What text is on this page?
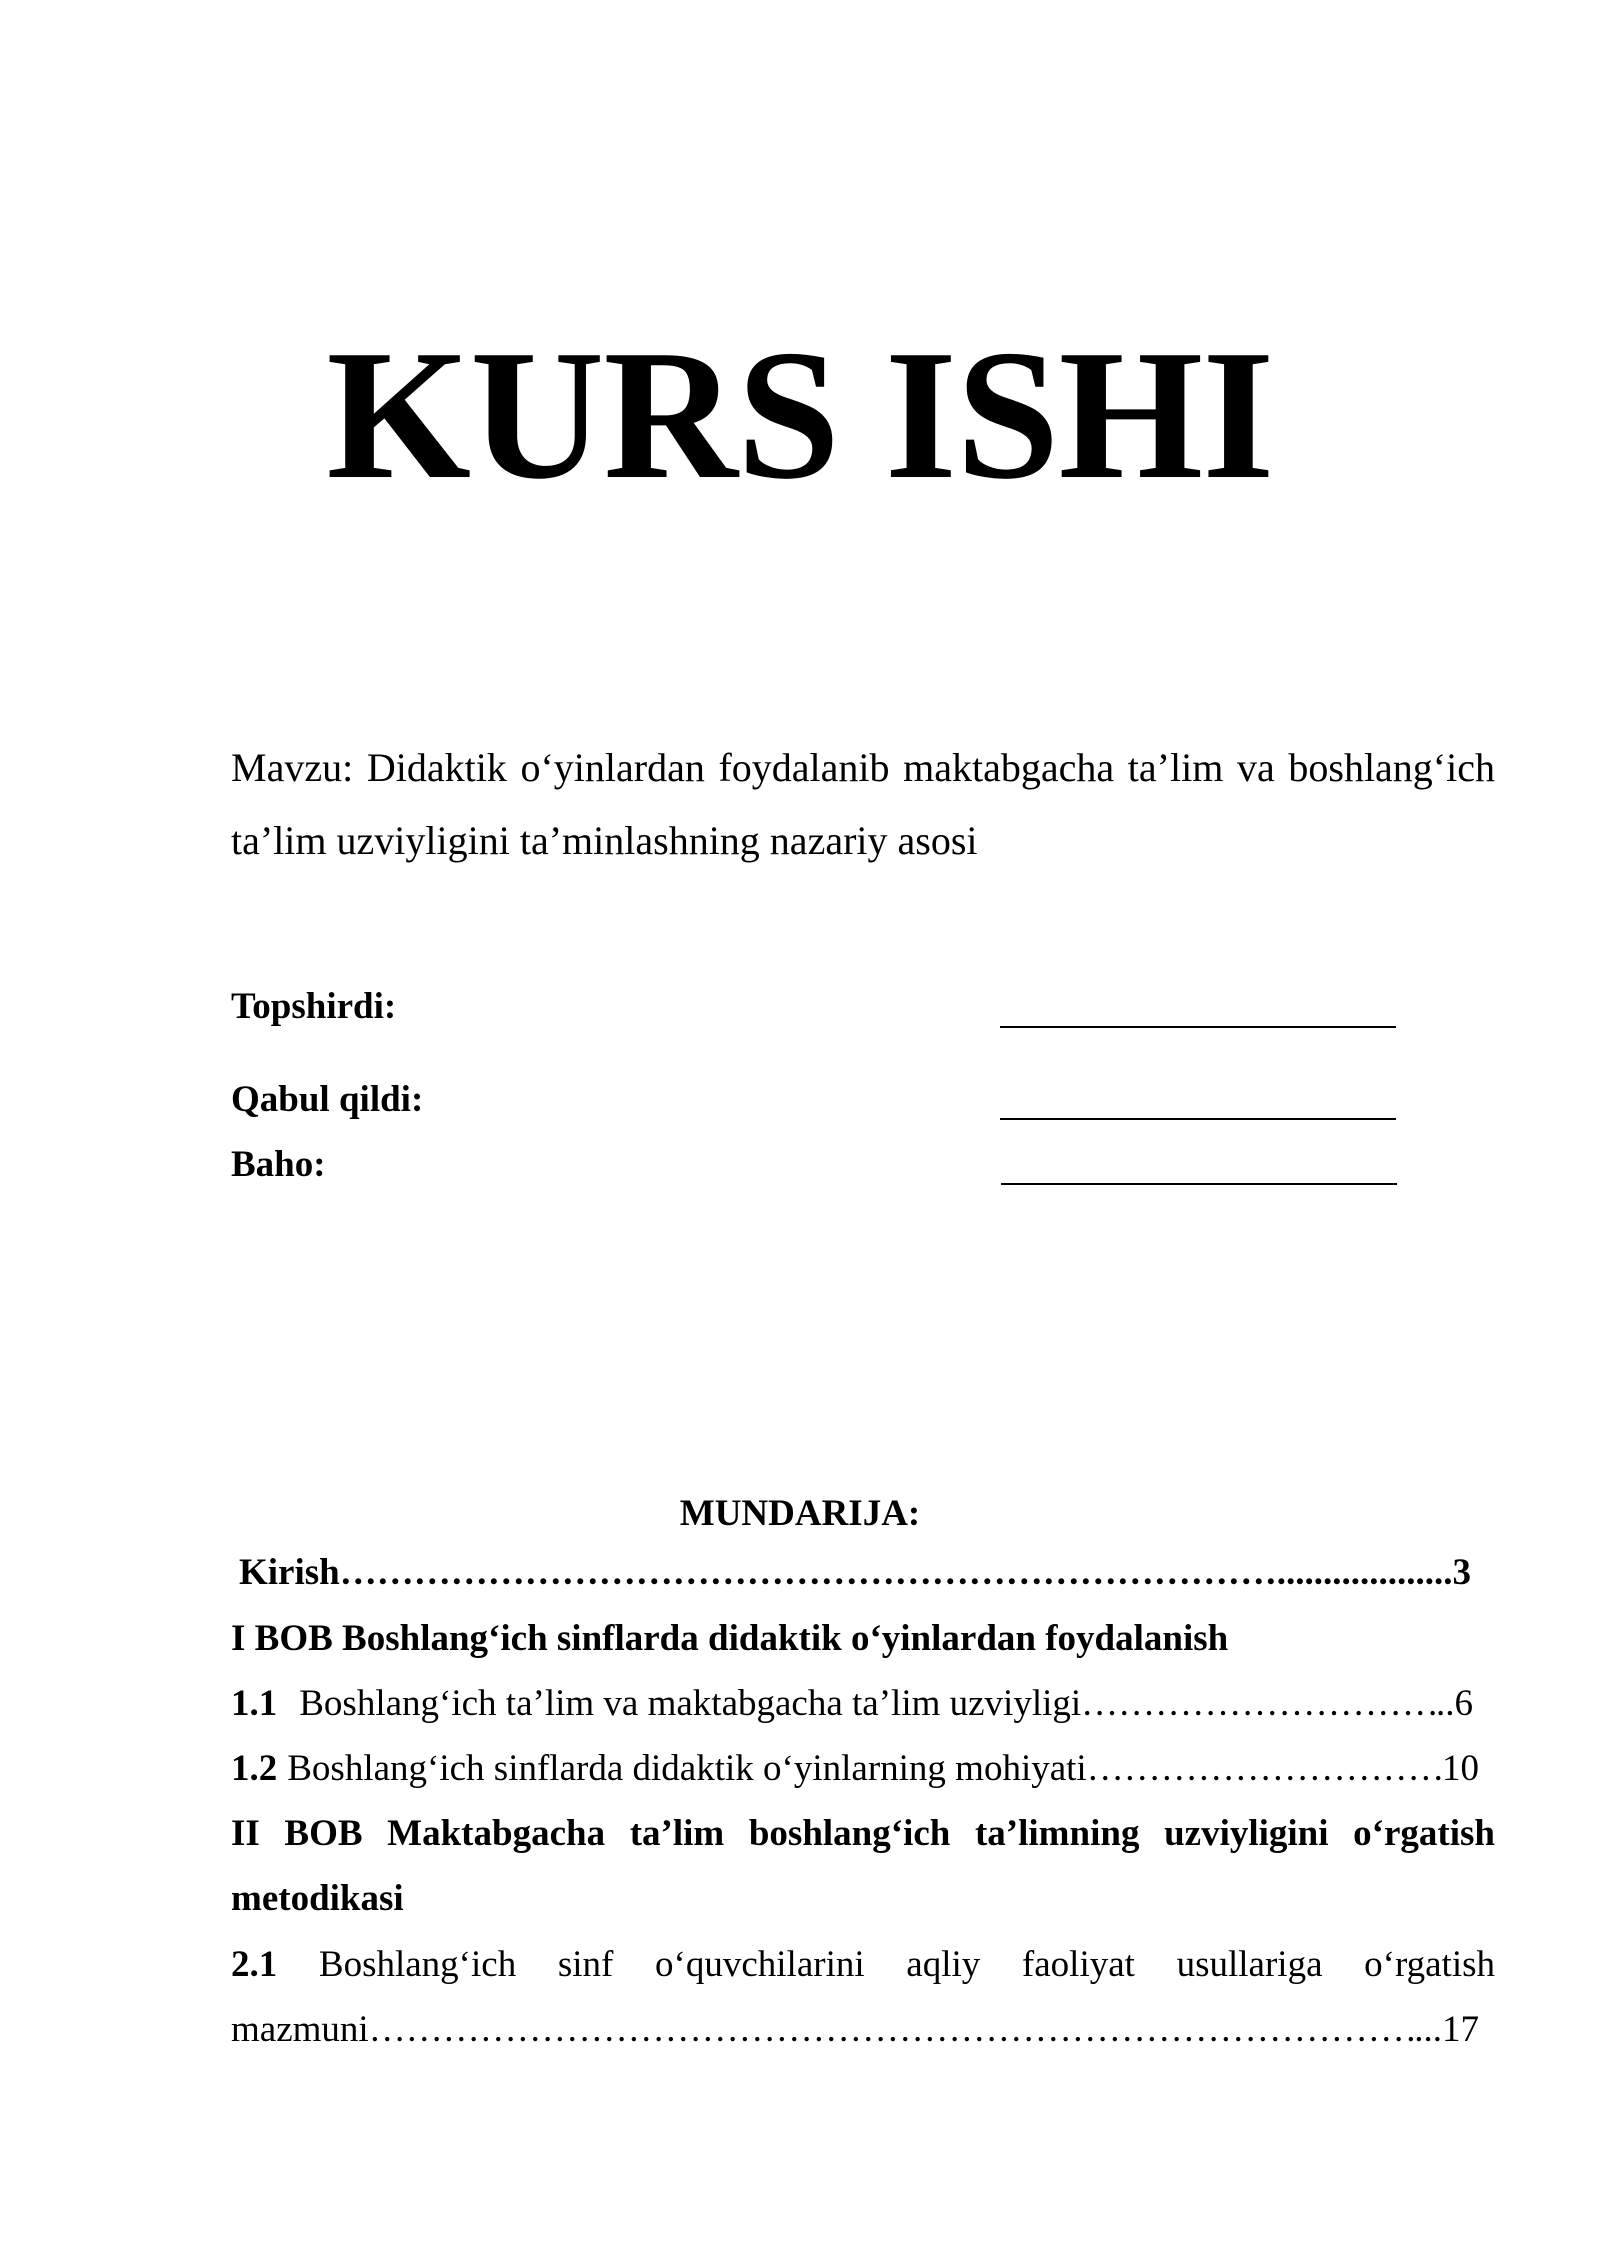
KURS ISHI
Mavzu: Didaktik o‘yinlardan foydalanib maktabgacha ta’lim va boshlang‘ich ta’lim uzviyligini ta’minlashning nazariy asosi
Topshirdi:
Qabul qildi:
Baho:
MUNDARIJA:
Kirish ……………………………………………………………………………………………………………………………………………………………………………	................... 3
I BOB Boshlang‘ich sinflarda didaktik o‘yinlardan foydalanish
1.1 Boshlang‘ich ta’lim va maktabgacha ta’lim uzviyligi ……………………………………………………………………………………………………………………………………………………………………………	.. 6
1.2 Boshlang‘ich sinflarda didaktik o‘yinlarning mohiyati ……………………………………………………………………………………………………………………………………………………………………………	10
II BOB Maktabgacha ta’lim boshlang‘ich ta’limning uzviyligini o‘rgatish
metodikasi
2.1 Boshlang‘ich sinf o‘quvchilarini aqliy faoliyat usullariga o‘rgatish
mazmuni ……………………………………………………………………………………………………………………………………………………………………………	... 17
